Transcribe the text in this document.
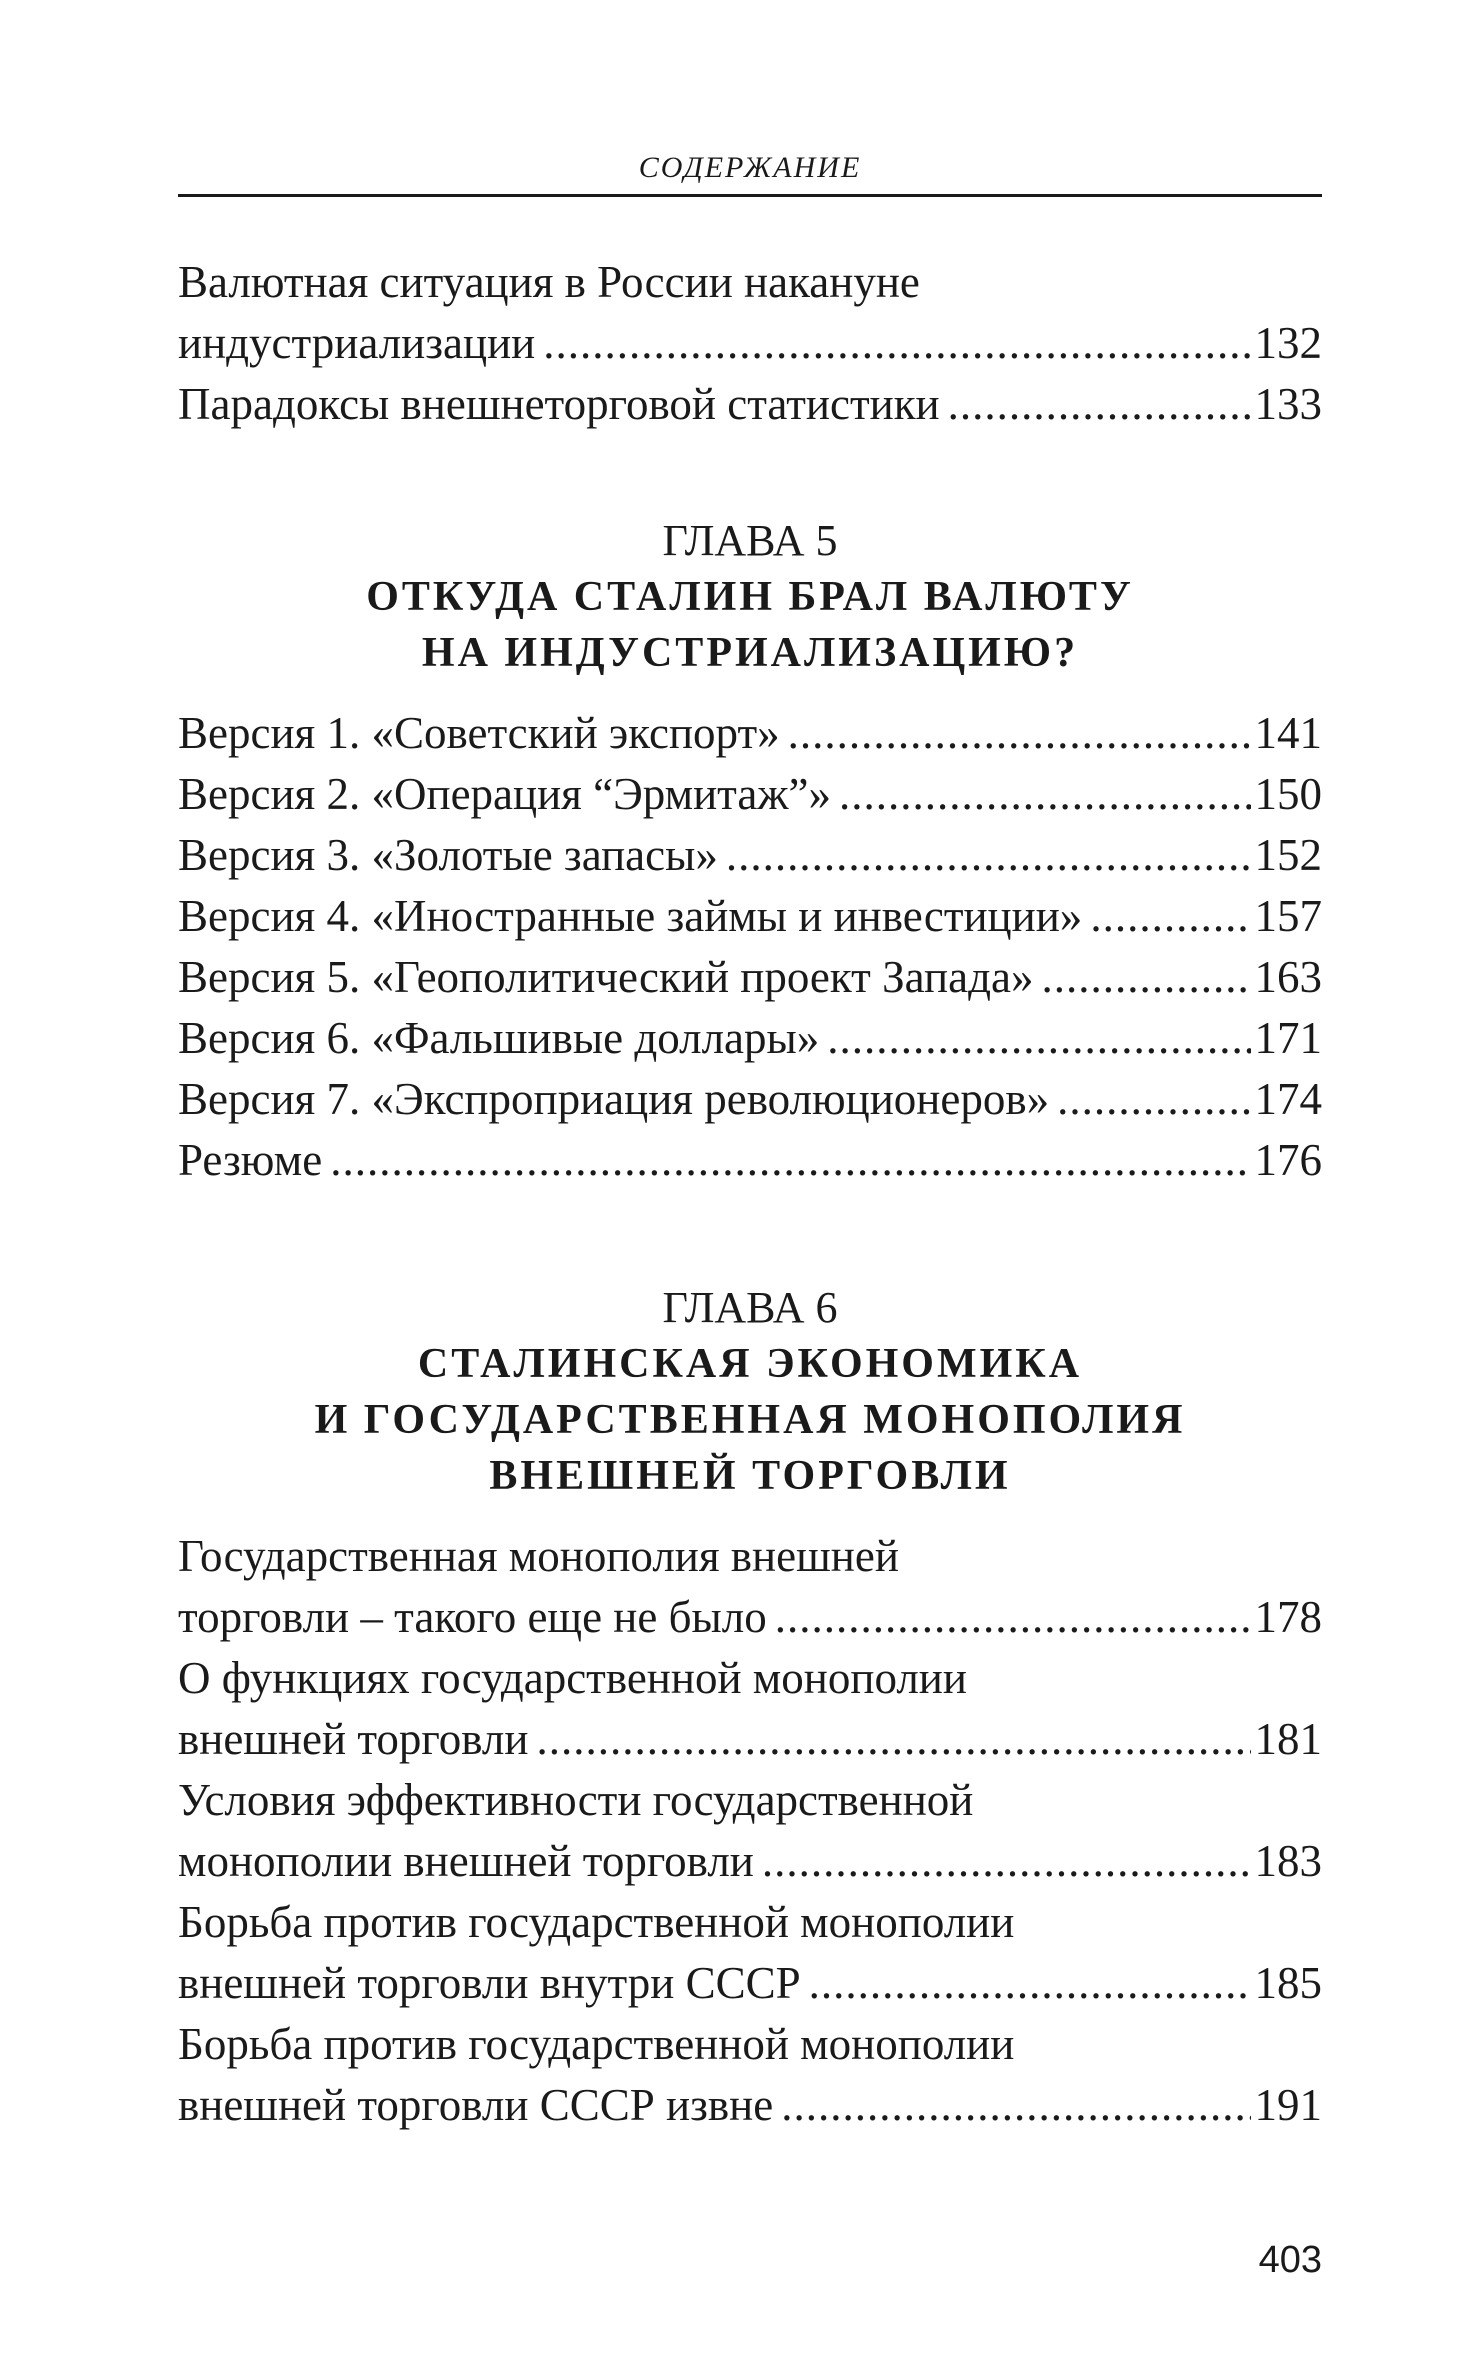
СОДЕРЖАНИЕ
Валютная ситуация в России накануне
индустриализации .....	132
Парадоксы внешнеторговой статистики .....	133
ГЛАВА 5
ОТКУДА СТАЛИН БРАЛ ВАЛЮТУ
НА ИНДУСТРИАЛИЗАЦИЮ?
Версия 1. «Советский экспорт» .....	141
Версия 2. «Операция “Эрмитаж”» .....	150
Версия 3. «Золотые запасы» .....	152
Версия 4. «Иностранные займы и инвестиции» .....	157
Версия 5. «Геополитический проект Запада» .....	163
Версия 6. «Фальшивые доллары» .....	171
Версия 7. «Экспроприация революционеров» .....	174
Резюме .....	176
ГЛАВА 6
СТАЛИНСКАЯ ЭКОНОМИКА
И ГОСУДАРСТВЕННАЯ МОНОПОЛИЯ
ВНЕШНЕЙ ТОРГОВЛИ
Государственная монополия внешней
торговли – такого еще не было .....	178
О функциях государственной монополии
внешней торговли .....	181
Условия эффективности государственной
монополии внешней торговли .....	183
Борьба против государственной монополии
внешней торговли внутри СССР .....	185
Борьба против государственной монополии
внешней торговли СССР извне .....	191
403
